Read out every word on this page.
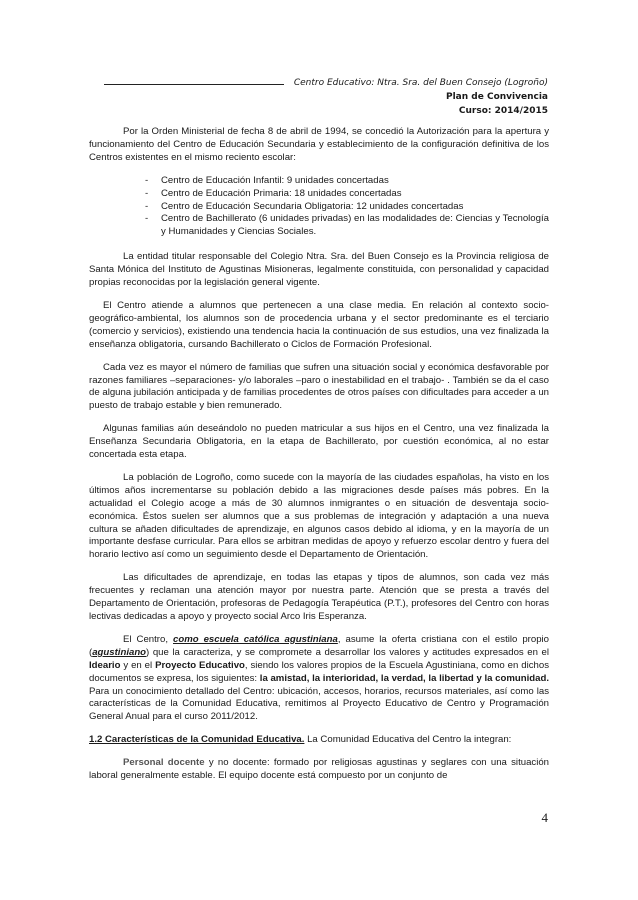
Centro Educativo: Ntra. Sra. del Buen Consejo (Logroño)
Plan de Convivencia
Curso: 2014/2015

Por la Orden Ministerial de fecha 8 de abril de 1994, se concedió la Autorización para la apertura y funcionamiento del Centro de Educación Secundaria y establecimiento de la configuración definitiva de los Centros existentes en el mismo reciento escolar:

- Centro de Educación Infantil: 9 unidades concertadas
- Centro de Educación Primaria: 18 unidades concertadas
- Centro de Educación Secundaria Obligatoria: 12 unidades concertadas
- Centro de Bachillerato (6 unidades privadas) en las modalidades de: Ciencias y Tecnología y Humanidades y Ciencias Sociales.

La entidad titular responsable del Colegio Ntra. Sra. del Buen Consejo es la Provincia religiosa de Santa Mónica del Instituto de Agustinas Misioneras, legalmente constituida, con personalidad y capacidad propias reconocidas por la legislación general vigente.

El Centro atiende a alumnos que pertenecen a una clase media. En relación al contexto socio-geográfico-ambiental, los alumnos son de procedencia urbana y el sector predominante es el terciario (comercio y servicios), existiendo una tendencia hacia la continuación de sus estudios, una vez finalizada la enseñanza obligatoria, cursando Bachillerato o Ciclos de Formación Profesional.

Cada vez es mayor el número de familias que sufren una situación social y económica desfavorable por razones familiares –separaciones- y/o laborales –paro o inestabilidad en el trabajo- . También se da el caso de alguna jubilación anticipada y de familias procedentes de otros países con dificultades para acceder a un puesto de trabajo estable y bien remunerado.

Algunas familias aún deseándolo no pueden matricular a sus hijos en el Centro, una vez finalizada la Enseñanza Secundaria Obligatoria, en la etapa de Bachillerato, por cuestión económica, al no estar concertada esta etapa.

La población de Logroño, como sucede con la mayoría de las ciudades españolas, ha visto en los últimos años incrementarse su población debido a las migraciones desde países más pobres. En la actualidad el Colegio acoge a más de 30 alumnos inmigrantes o en situación de desventaja socio-económica. Éstos suelen ser alumnos que a sus problemas de integración y adaptación a una nueva cultura se añaden dificultades de aprendizaje, en algunos casos debido al idioma, y en la mayoría de un importante desfase curricular. Para ellos se arbitran medidas de apoyo y refuerzo escolar dentro y fuera del horario lectivo así como un seguimiento desde el Departamento de Orientación.

Las dificultades de aprendizaje, en todas las etapas y tipos de alumnos, son cada vez más frecuentes y reclaman una atención mayor por nuestra parte. Atención que se presta a través del Departamento de Orientación, profesoras de Pedagogía Terapéutica (P.T.), profesores del Centro con horas lectivas dedicadas a apoyo y proyecto social Arco Iris Esperanza.

El Centro, como escuela católica agustiniana, asume la oferta cristiana con el estilo propio (agustiniano) que la caracteriza, y se compromete a desarrollar los valores y actitudes expresados en el Ideario y en el Proyecto Educativo, siendo los valores propios de la Escuela Agustiniana, como en dichos documentos se expresa, los siguientes: la amistad, la interioridad, la verdad, la libertad y la comunidad. Para un conocimiento detallado del Centro: ubicación, accesos, horarios, recursos materiales, así como las características de la Comunidad Educativa, remitimos al Proyecto Educativo de Centro y Programación General Anual para el curso 2011/2012.

1.2 Características de la Comunidad Educativa. La Comunidad Educativa del Centro la integran:

Personal docente y no docente: formado por religiosas agustinas y seglares con una situación laboral generalmente estable. El equipo docente está compuesto por un conjunto de

4
